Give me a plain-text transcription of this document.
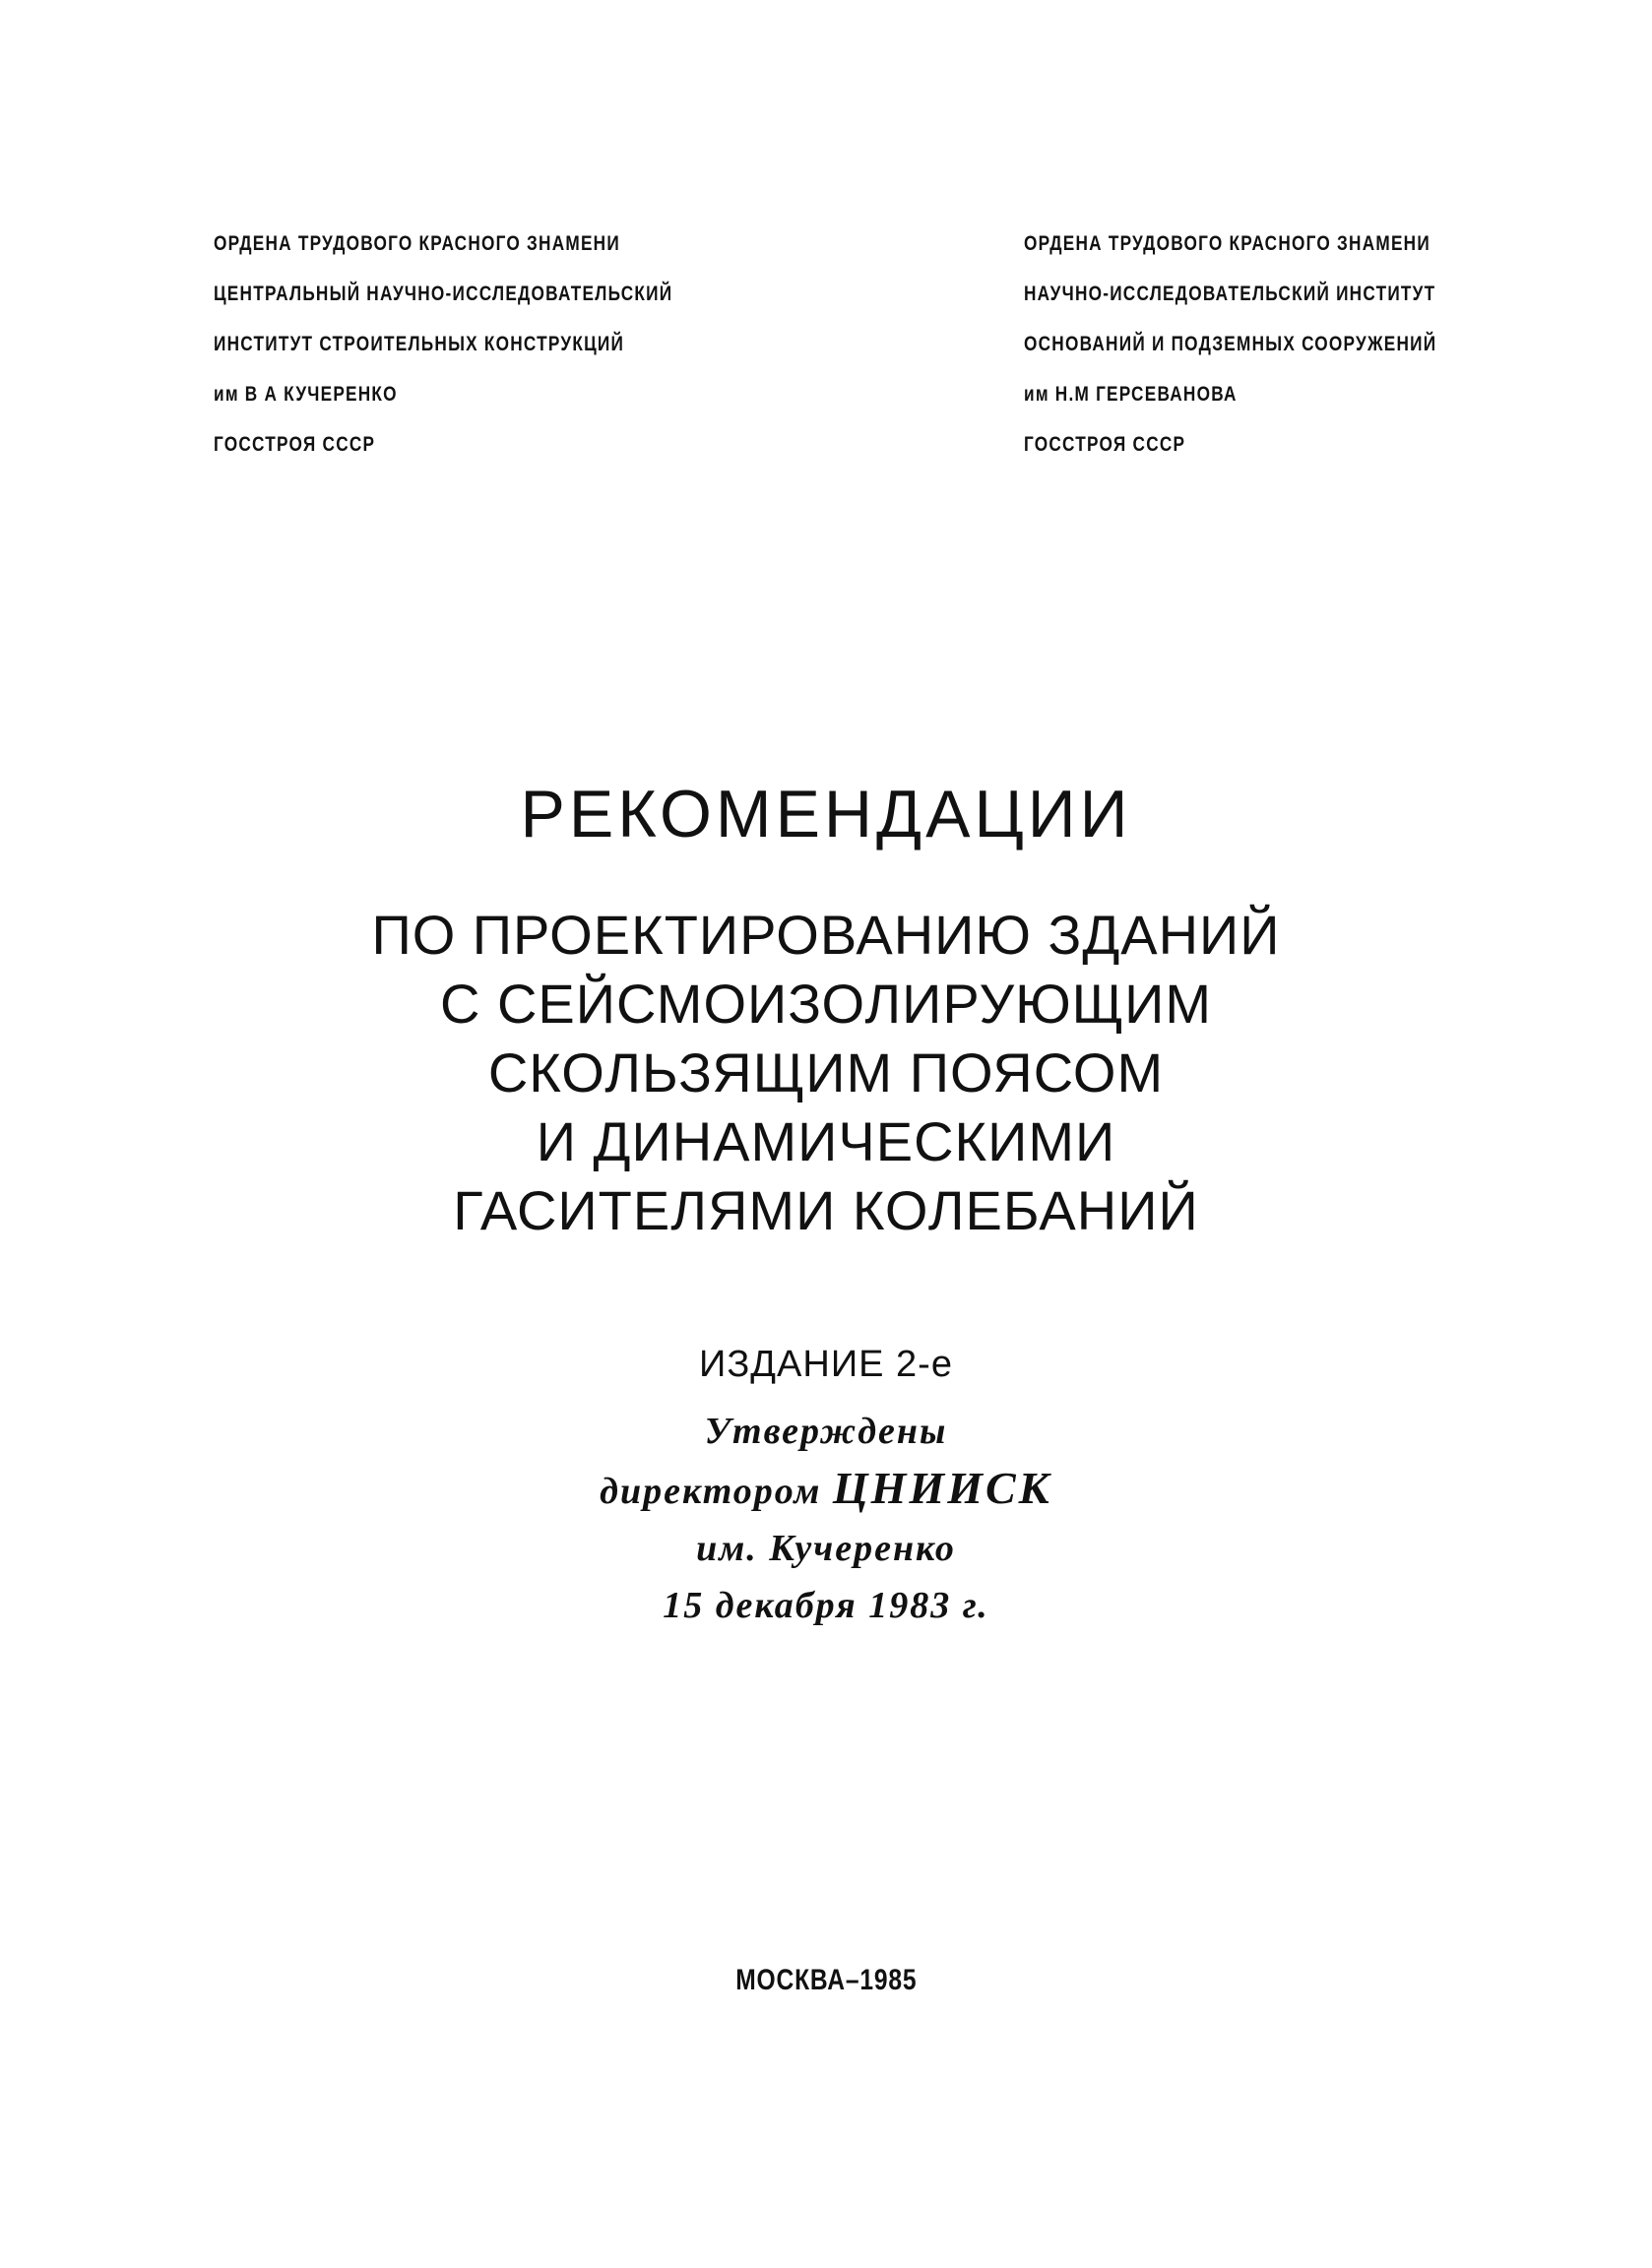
ОРДЕНА ТРУДОВОГО КРАСНОГО ЗНАМЕНИ
ЦЕНТРАЛЬНЫЙ НАУЧНО-ИССЛЕДОВАТЕЛЬСКИЙ
ИНСТИТУТ СТРОИТЕЛЬНЫХ КОНСТРУКЦИЙ
им В А КУЧЕРЕНКО
ГОССТРОЯ СССР
ОРДЕНА ТРУДОВОГО КРАСНОГО ЗНАМЕНИ
НАУЧНО-ИССЛЕДОВАТЕЛЬСКИЙ ИНСТИТУТ
ОСНОВАНИЙ И ПОДЗЕМНЫХ СООРУЖЕНИЙ
им Н.М ГЕРСЕВАНОВА
ГОССТРОЯ СССР
РЕКОМЕНДАЦИИ
ПО ПРОЕКТИРОВАНИЮ ЗДАНИЙ
С СЕЙСМОИЗОЛИРУЮЩИМ
СКОЛЬЗЯЩИМ ПОЯСОМ
И ДИНАМИЧЕСКИМИ
ГАСИТЕЛЯМИ КОЛЕБАНИЙ
ИЗДАНИЕ 2-е
Утверждены
директором ЦНИИСК
им. Кучеренко
15 декабря 1983 г.
МОСКВА–1985
